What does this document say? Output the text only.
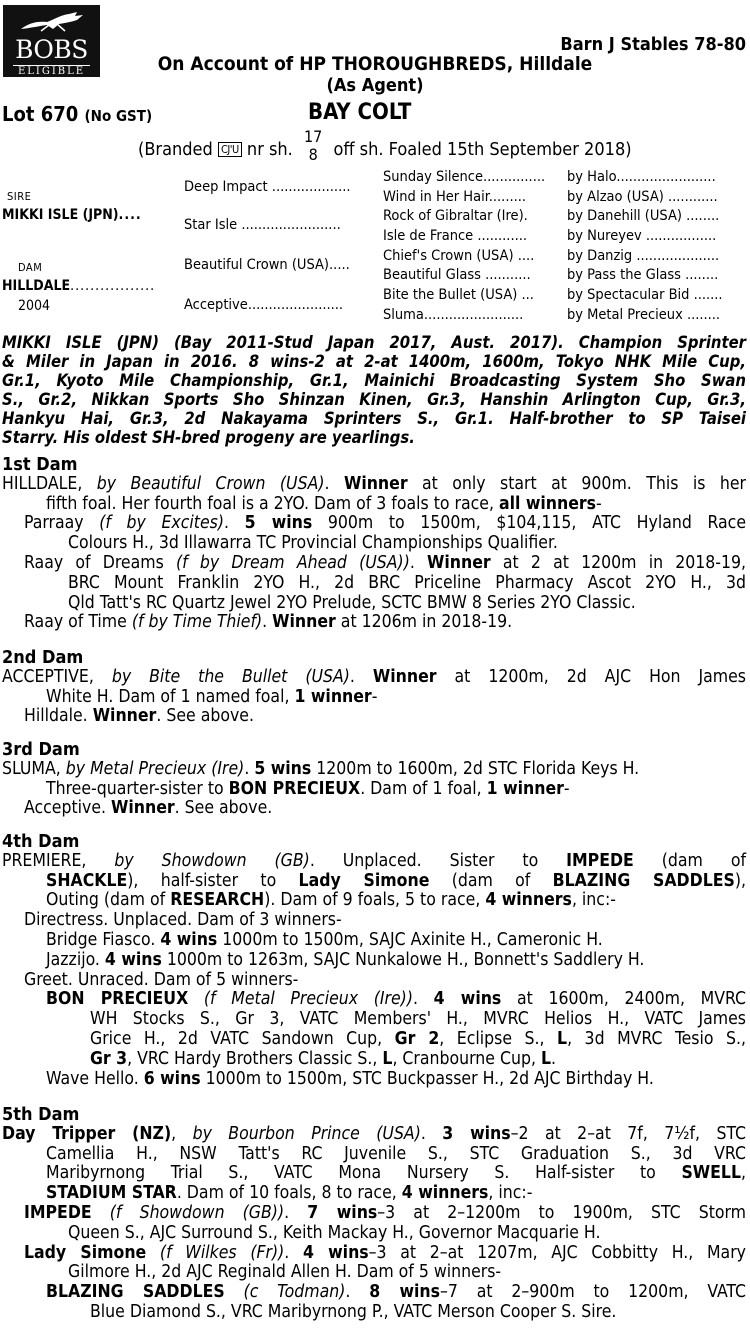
BOBS
ELIGIBLE
Barn J Stables 78-80
On Account of HP THOROUGHBREDS, Hilldale
(As Agent)
Lot 670 (No GST)	BAY COLT
(Branded CJ'U nr sh.
17
8 off sh. Foaled 15th September 2018)
SIRE
MIKKI ISLE (JPN)....
DAM
HILLDALE.................
2004
Deep Impact ...................
Star Isle ........................
Beautiful Crown (USA).....
Acceptive.......................
Sunday Silence...............
Wind in Her Hair.........
Rock of Gibraltar (Ire).
Isle de France ............
Chief's Crown (USA) ....
Beautiful Glass ...........
Bite the Bullet (USA) ...
Sluma........................
by Halo........................
by Alzao (USA) ............
by Danehill (USA) ........
by Nureyev .................
by Danzig ....................
by Pass the Glass ........
by Spectacular Bid .......
by Metal Precieux ........
MIKKI ISLE (JPN) (Bay 2011-Stud Japan 2017, Aust. 2017). Champion Sprinter
& Miler in Japan in 2016. 8 wins-2 at 2-at 1400m, 1600m, Tokyo NHK Mile Cup,
Gr.1, Kyoto Mile Championship, Gr.1, Mainichi Broadcasting System Sho Swan
S., Gr.2, Nikkan Sports Sho Shinzan Kinen, Gr.3, Hanshin Arlington Cup, Gr.3,
Hankyu Hai, Gr.3, 2d Nakayama Sprinters S., Gr.1. Half-brother to SP Taisei
Starry. His oldest SH-bred progeny are yearlings.
1st Dam
HILLDALE, by Beautiful Crown (USA). Winner at only start at 900m. This is her
fifth foal. Her fourth foal is a 2YO. Dam of 3 foals to race, all winners-
Parraay (f by Excites). 5 wins 900m to 1500m, $104,115, ATC Hyland Race
Colours H., 3d Illawarra TC Provincial Championships Qualifier.
Raay of Dreams (f by Dream Ahead (USA)). Winner at 2 at 1200m in 2018-19,
BRC Mount Franklin 2YO H., 2d BRC Priceline Pharmacy Ascot 2YO H., 3d
Qld Tatt's RC Quartz Jewel 2YO Prelude, SCTC BMW 8 Series 2YO Classic.
Raay of Time (f by Time Thief). Winner at 1206m in 2018-19.
2nd Dam
ACCEPTIVE, by Bite the Bullet (USA). Winner at 1200m, 2d AJC Hon James
White H. Dam of 1 named foal, 1 winner-
Hilldale. Winner. See above.
3rd Dam
SLUMA, by Metal Precieux (Ire). 5 wins 1200m to 1600m, 2d STC Florida Keys H.
Three-quarter-sister to BON PRECIEUX. Dam of 1 foal, 1 winner-
Acceptive. Winner. See above.
4th Dam
PREMIERE, by Showdown (GB). Unplaced. Sister to IMPEDE (dam of
SHACKLE), half-sister to Lady Simone (dam of BLAZING SADDLES),
Outing (dam of RESEARCH). Dam of 9 foals, 5 to race, 4 winners, inc:-
Directress. Unplaced. Dam of 3 winners-
Bridge Fiasco. 4 wins 1000m to 1500m, SAJC Axinite H., Cameronic H.
Jazzijo. 4 wins 1000m to 1263m, SAJC Nunkalowe H., Bonnett's Saddlery H.
Greet. Unraced. Dam of 5 winners-
BON PRECIEUX (f Metal Precieux (Ire)). 4 wins at 1600m, 2400m, MVRC
WH Stocks S., Gr 3, VATC Members' H., MVRC Helios H., VATC James
Grice H., 2d VATC Sandown Cup, Gr 2, Eclipse S., L, 3d MVRC Tesio S.,
Gr 3, VRC Hardy Brothers Classic S., L, Cranbourne Cup, L.
Wave Hello. 6 wins 1000m to 1500m, STC Buckpasser H., 2d AJC Birthday H.
5th Dam
Day Tripper (NZ), by Bourbon Prince (USA). 3 wins–2 at 2–at 7f, 7½f, STC
Camellia H., NSW Tatt's RC Juvenile S., STC Graduation S., 3d VRC
Maribyrnong Trial S., VATC Mona Nursery S. Half-sister to SWELL,
STADIUM STAR. Dam of 10 foals, 8 to race, 4 winners, inc:-
IMPEDE (f Showdown (GB)). 7 wins–3 at 2–1200m to 1900m, STC Storm
Queen S., AJC Surround S., Keith Mackay H., Governor Macquarie H.
Lady Simone (f Wilkes (Fr)). 4 wins–3 at 2–at 1207m, AJC Cobbitty H., Mary
Gilmore H., 2d AJC Reginald Allen H. Dam of 5 winners-
BLAZING SADDLES (c Todman). 8 wins–7 at 2–900m to 1200m, VATC
Blue Diamond S., VRC Maribyrnong P., VATC Merson Cooper S. Sire.
